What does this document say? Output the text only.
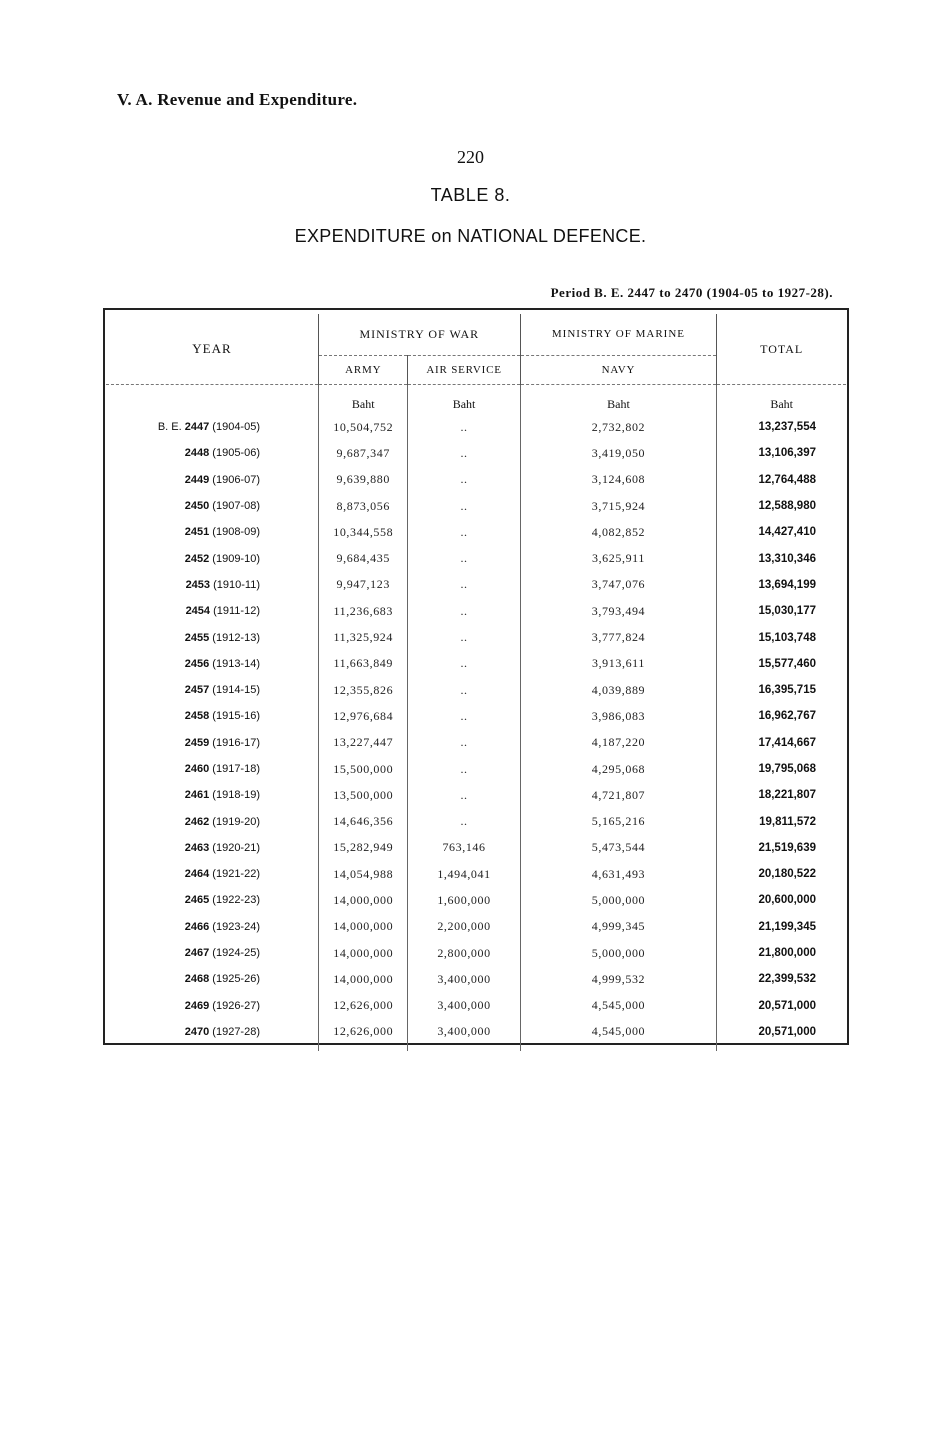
V. A. Revenue and Expenditure.
220
TABLE 8.
EXPENDITURE on NATIONAL DEFENCE.
Period B. E. 2447 to 2470 (1904-05 to 1927-28).
YEAR	MINISTRY OF WAR		MINISTRY OF MARINE	TOTAL
	ARMY	AIR SERVICE	NAVY	
	Baht	Baht	Baht	Baht
B. E. 2447 (1904-05)	10,504,752	..	2,732,802	13,237,554
2448 (1905-06)	9,687,347	..	3,419,050	13,106,397
2449 (1906-07)	9,639,880	..	3,124,608	12,764,488
2450 (1907-08)	8,873,056	..	3,715,924	12,588,980
2451 (1908-09)	10,344,558	..	4,082,852	14,427,410
2452 (1909-10)	9,684,435	..	3,625,911	13,310,346
2453 (1910-11)	9,947,123	..	3,747,076	13,694,199
2454 (1911-12)	11,236,683	..	3,793,494	15,030,177
2455 (1912-13)	11,325,924	..	3,777,824	15,103,748
2456 (1913-14)	11,663,849	..	3,913,611	15,577,460
2457 (1914-15)	12,355,826	..	4,039,889	16,395,715
2458 (1915-16)	12,976,684	..	3,986,083	16,962,767
2459 (1916-17)	13,227,447	..	4,187,220	17,414,667
2460 (1917-18)	15,500,000	..	4,295,068	19,795,068
2461 (1918-19)	13,500,000	..	4,721,807	18,221,807
2462 (1919-20)	14,646,356	..	5,165,216	19,811,572
2463 (1920-21)	15,282,949	763,146	5,473,544	21,519,639
2464 (1921-22)	14,054,988	1,494,041	4,631,493	20,180,522
2465 (1922-23)	14,000,000	1,600,000	5,000,000	20,600,000
2466 (1923-24)	14,000,000	2,200,000	4,999,345	21,199,345
2467 (1924-25)	14,000,000	2,800,000	5,000,000	21,800,000
2468 (1925-26)	14,000,000	3,400,000	4,999,532	22,399,532
2469 (1926-27)	12,626,000	3,400,000	4,545,000	20,571,000
2470 (1927-28)	12,626,000	3,400,000	4,545,000	20,571,000
